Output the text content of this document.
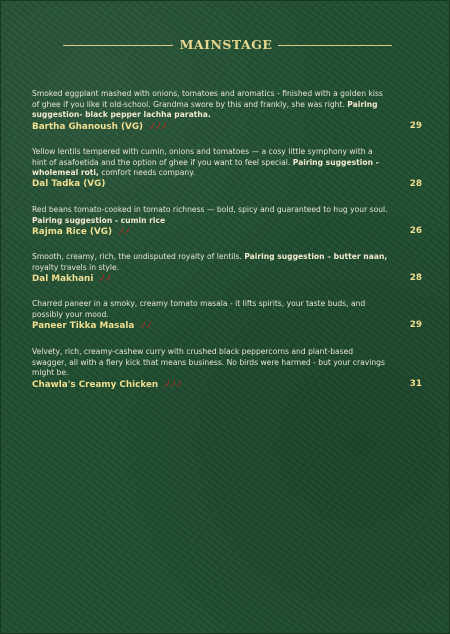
MAINSTAGE

Smoked eggplant mashed with onions, tomatoes and aromatics - finished with a golden kiss of ghee if you like it old-school. Grandma swore by this and frankly, she was right. Pairing suggestion- black pepper lachha paratha.

Bartha Ghanoush (VG)	29

Yellow lentils tempered with cumin, onions and tomatoes — a cosy little symphony with a hint of asafoetida and the option of ghee if you want to feel special. Pairing suggestion - wholemeal roti, comfort needs company.

Dal Tadka (VG)	28

Red beans tomato-cooked in tomato richness — bold, spicy and guaranteed to hug your soul. Pairing suggestion - cumin rice

Rajma Rice (VG)	26

Smooth, creamy, rich, the undisputed royalty of lentils. Pairing suggestion – butter naan, royalty travels in style.

Dal Makhani	28

Charred paneer in a smoky, creamy tomato masala - it lifts spirits, your taste buds, and possibly your mood.

Paneer Tikka Masala	29

Velvety, rich, creamy-cashew curry with crushed black peppercorns and plant-based swagger, all with a fiery kick that means business. No birds were harmed - but your cravings might be.

Chawla's Creamy Chicken	31
